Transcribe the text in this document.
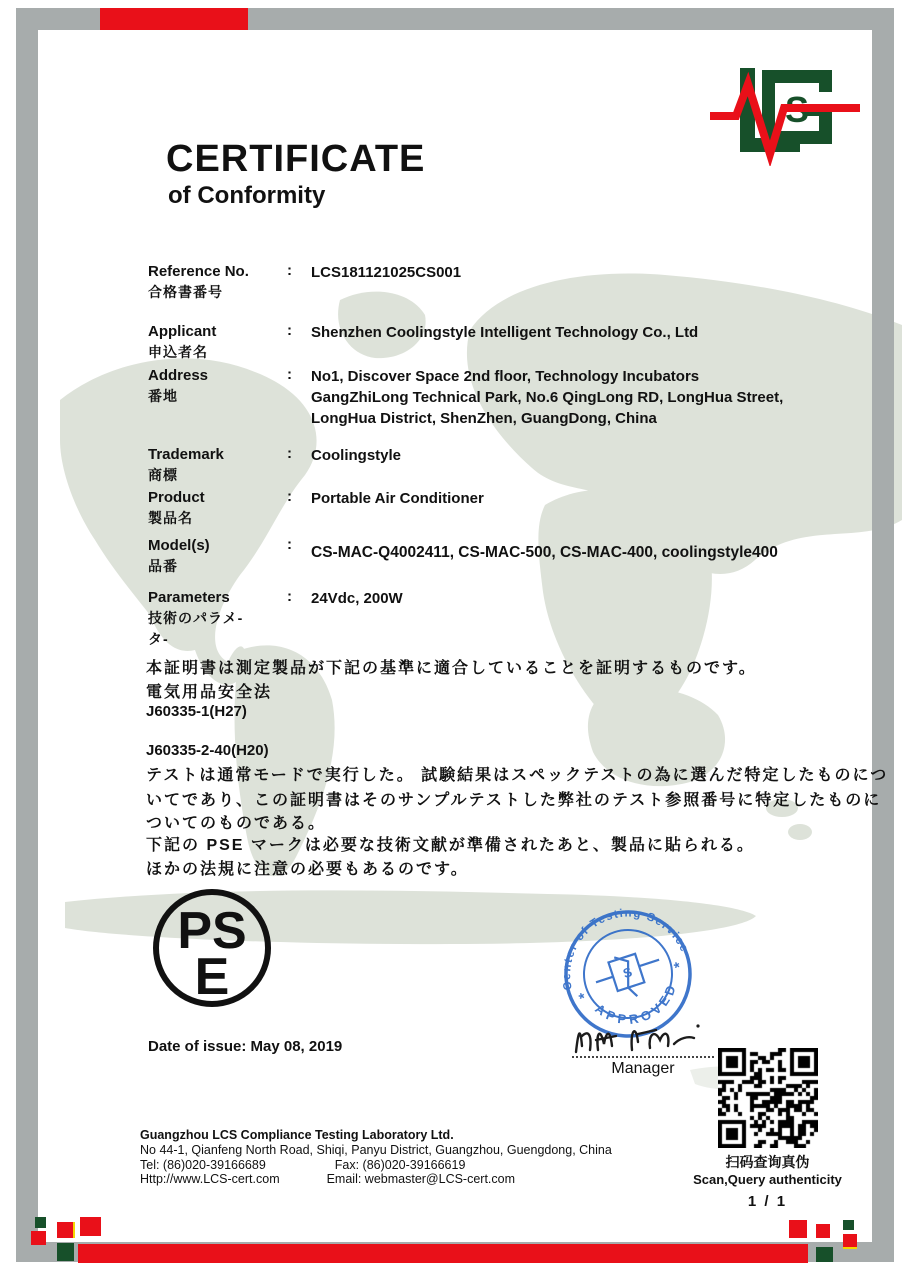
S
CERTIFICATE
of Conformity
Reference No.
合格書番号
:	LCS181121025CS001
Applicant
申込者名
:	Shenzhen Coolingstyle Intelligent Technology Co., Ltd
Address
番地
:	No1, Discover Space 2nd floor, Technology Incubators
GangZhiLong Technical Park, No.6 QingLong RD, LongHua Street,
LongHua District, ShenZhen, GuangDong, China
Trademark
商標
:	Coolingstyle
Product
製品名
:	Portable Air Conditioner
Model(s)
品番
:	CS-MAC-Q4002411, CS-MAC-500, CS-MAC-400, coolingstyle400
Parameters
技術のパラメ-
タ-
:	24Vdc, 200W
本証明書は測定製品が下記の基準に適合していることを証明するものです。
電気用品安全法
J60335-1(H27)
J60335-2-40(H20)
テストは通常モードで実行した。 試験結果はスペックテストの為に選んだ特定したものにつ
いてであり、この証明書はそのサンプルテストした弊社のテスト参照番号に特定したものに
ついてのものである。
下記の PSE マークは必要な技術文献が準備されたあと、製品に貼られる。
ほかの法規に注意の必要もあるのです。
PS
E	Center of Testing Service
APPROVED
*
*
S
Manager
Date of issue: May 08, 2019
Guangzhou LCS Compliance Testing Laboratory Ltd.
No 44-1, Qianfeng North Road, Shiqi, Panyu District, Guangzhou, Guengdong, China
Tel: (86)020-39166689	Fax: (86)020-39166619
Http://www.LCS-cert.com	Email: webmaster@LCS-cert.com
扫码查询真伪
Scan,Query authenticity
1 / 1
